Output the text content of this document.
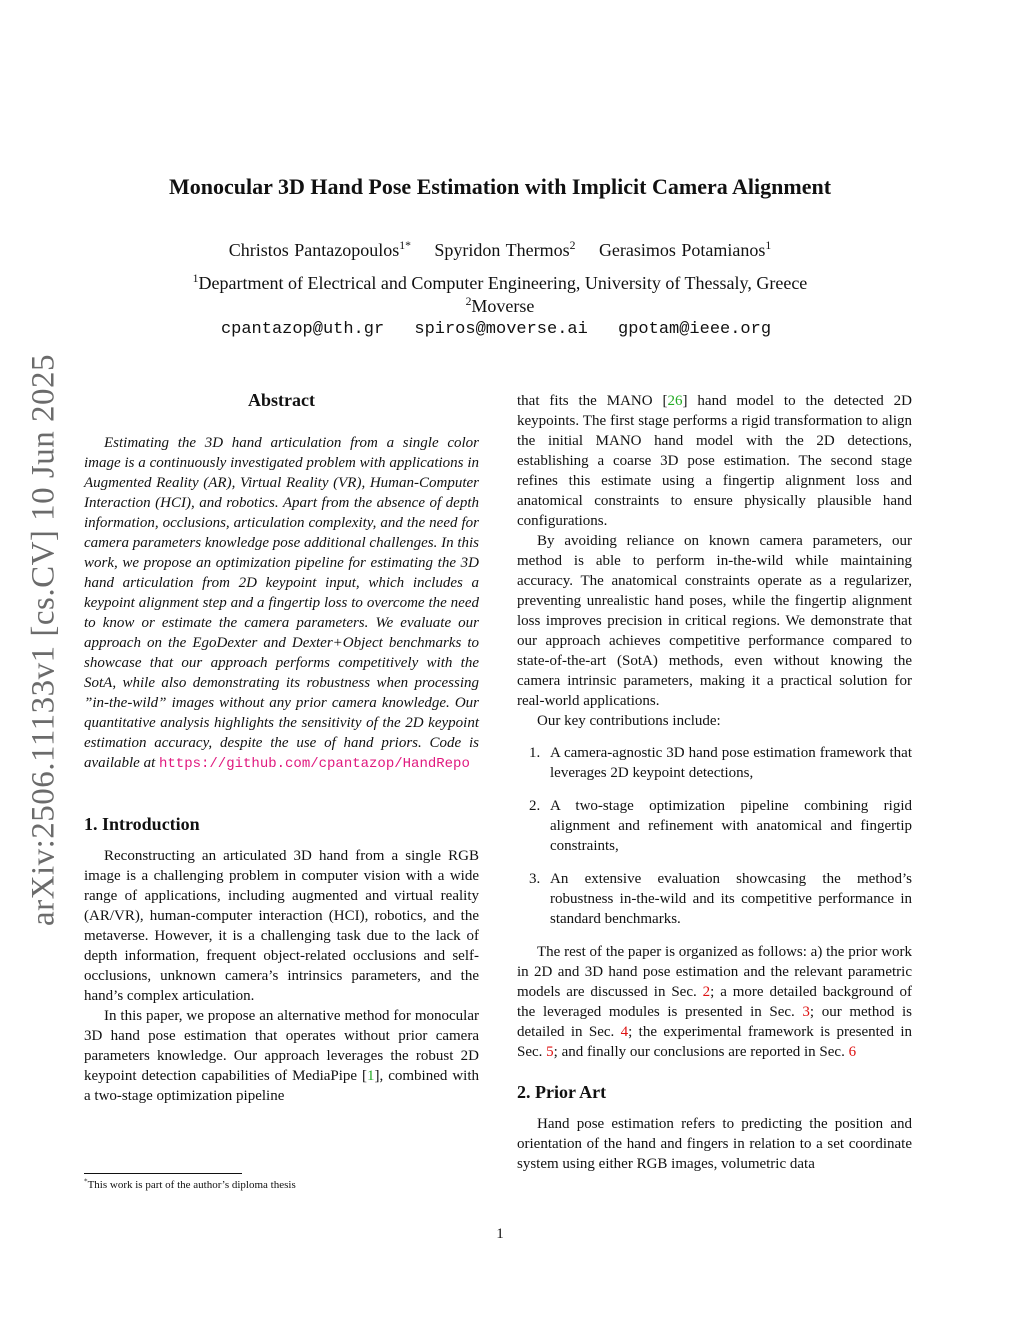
arXiv:2506.11133v1 [cs.CV] 10 Jun 2025
Monocular 3D Hand Pose Estimation with Implicit Camera Alignment
Christos Pantazopoulos$^{1*}$ Spyridon Thermos$^2$ Gerasimos Potamianos$^1$
$^1$Department of Electrical and Computer Engineering, University of Thessaly, Greece
$^2$Moverse
cpantazop@uth.gr spiros@moverse.ai gpotam@ieee.org
Abstract

Estimating the 3D hand articulation from a single color image is a continuously investigated problem with applications in Augmented Reality (AR), Virtual Reality (VR), Human-Computer Interaction (HCI), and robotics. Apart from the absence of depth information, occlusions, articulation complexity, and the need for camera parameters knowledge pose additional challenges. In this work, we propose an optimization pipeline for estimating the 3D hand articulation from 2D keypoint input, which includes a keypoint alignment step and a fingertip loss to overcome the need to know or estimate the camera parameters. We evaluate our approach on the EgoDexter and Dexter+Object benchmarks to showcase that our approach performs competitively with the SotA, while also demonstrating its robustness when processing ”in-the-wild” images without any prior camera knowledge. Our quantitative analysis highlights the sensitivity of the 2D keypoint estimation accuracy, despite the use of hand priors. Code is available at https://github.com/cpantazop/HandRepo

1. Introduction

Reconstructing an articulated 3D hand from a single RGB image is a challenging problem in computer vision with a wide range of applications, including augmented and virtual reality (AR/VR), human-computer interaction (HCI), robotics, and the metaverse. However, it is a challenging task due to the lack of depth information, frequent object-related occlusions and self-occlusions, unknown camera’s intrinsics parameters, and the hand’s complex articulation.

In this paper, we propose an alternative method for monocular 3D hand pose estimation that operates without prior camera parameters knowledge. Our approach leverages the robust 2D keypoint detection capabilities of MediaPipe [1], combined with a two-stage optimization pipeline

that fits the MANO [26] hand model to the detected 2D keypoints. The first stage performs a rigid transformation to align the initial MANO hand model with the 2D detections, establishing a coarse 3D pose estimation. The second stage refines this estimate using a fingertip alignment loss and anatomical constraints to ensure physically plausible hand configurations.

By avoiding reliance on known camera parameters, our method is able to perform in-the-wild while maintaining accuracy. The anatomical constraints operate as a regularizer, preventing unrealistic hand poses, while the fingertip alignment loss improves precision in critical regions. We demonstrate that our approach achieves competitive performance compared to state-of-the-art (SotA) methods, even without knowing the camera intrinsic parameters, making it a practical solution for real-world applications.

Our key contributions include:

1. A camera-agnostic 3D hand pose estimation framework that leverages 2D keypoint detections,
2. A two-stage optimization pipeline combining rigid alignment and refinement with anatomical and fingertip constraints,
3. An extensive evaluation showcasing the method’s robustness in-the-wild and its competitive performance in standard benchmarks.

The rest of the paper is organized as follows: a) the prior work in 2D and 3D hand pose estimation and the relevant parametric models are discussed in Sec. 2; a more detailed background of the leveraged modules is presented in Sec. 3; our method is detailed in Sec. 4; the experimental framework is presented in Sec. 5; and finally our conclusions are reported in Sec. 6

2. Prior Art

Hand pose estimation refers to predicting the position and orientation of the hand and fingers in relation to a set coordinate system using either RGB images, volumetric data

*This work is part of the author’s diploma thesis
1
